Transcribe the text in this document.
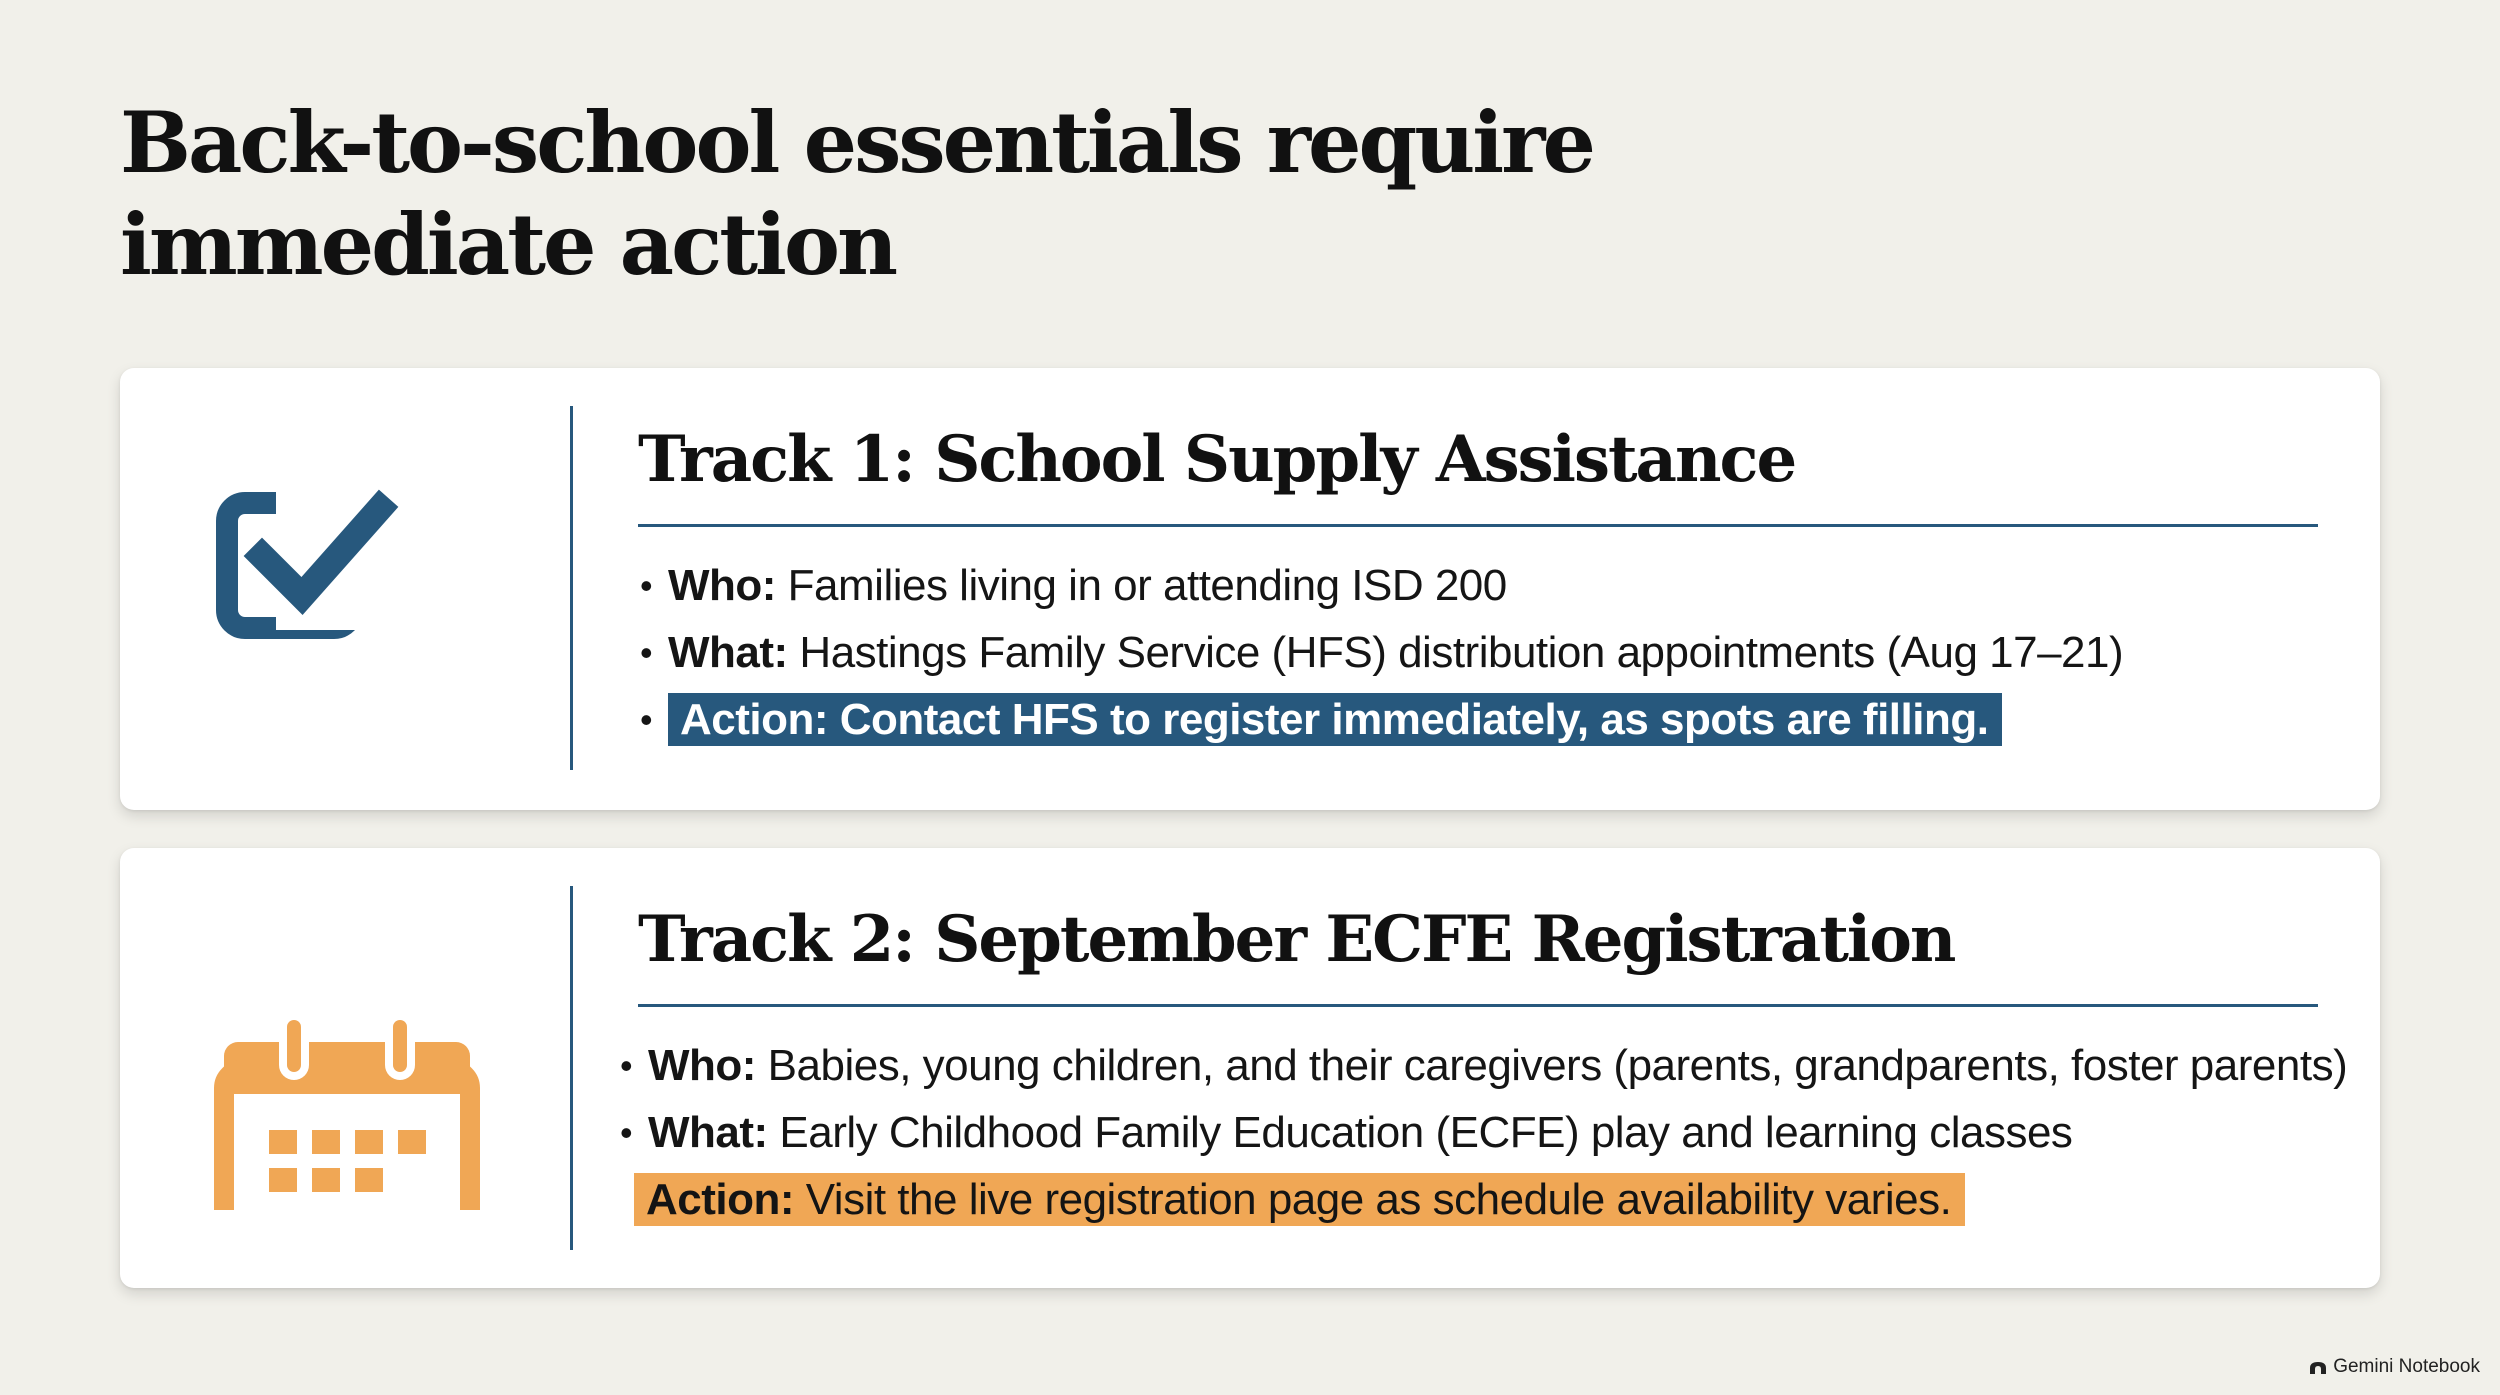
Back-to-school essentials require immediate action
Track 1: School Supply Assistance
• Who: Families living in or attending ISD 200
• What: Hastings Family Service (HFS) distribution appointments (Aug 17–21)
• Action: Contact HFS to register immediately, as spots are filling.
Track 2: September ECFE Registration
• Who: Babies, young children, and their caregivers (parents, grandparents, foster parents)
• What: Early Childhood Family Education (ECFE) play and learning classes
Action: Visit the live registration page as schedule availability varies.
Gemini Notebook
